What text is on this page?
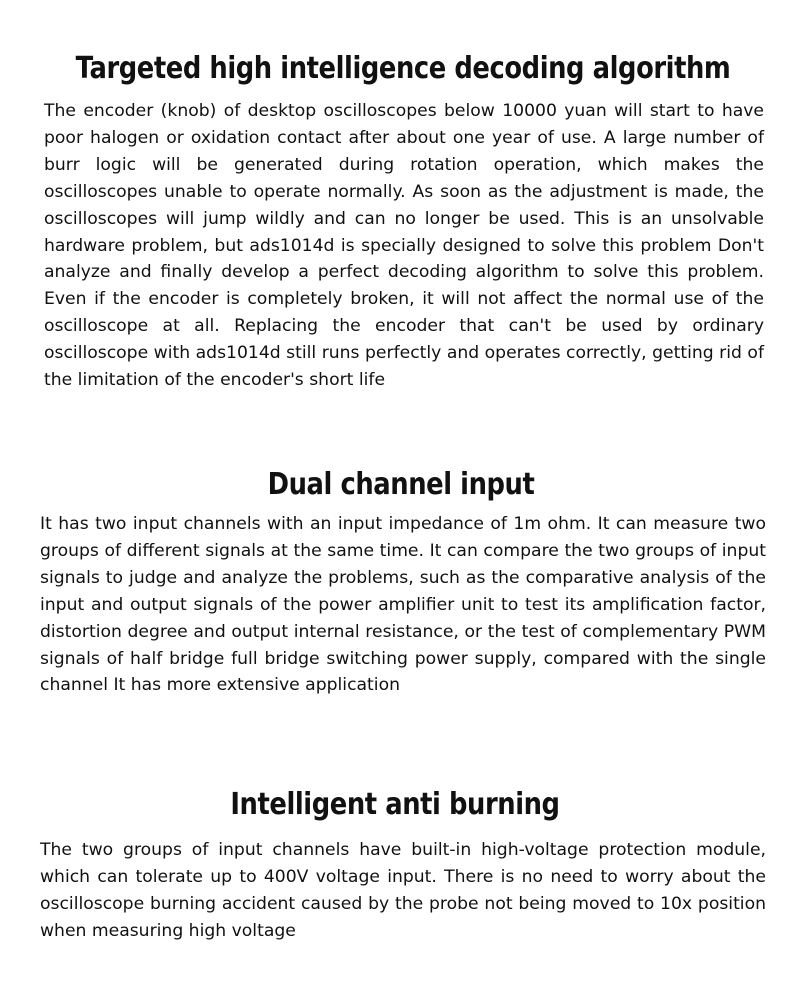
Targeted high intelligence decoding algorithm

The encoder (knob) of desktop oscilloscopes below 10000 yuan will start to have poor halogen or oxidation contact after about one year of use. A large number of burr logic will be generated during rotation operation, which makes the oscilloscopes unable to operate normally. As soon as the adjustment is made, the oscilloscopes will jump wildly and can no longer be used. This is an unsolvable hardware problem, but ads1014d is specially designed to solve this problem Don't analyze and finally develop a perfect decoding algorithm to solve this problem. Even if the encoder is completely broken, it will not affect the normal use of the oscilloscope at all. Replacing the encoder that can't be used by ordinary oscilloscope with ads1014d still runs perfectly and operates correctly, getting rid of the limitation of the encoder's short life

Dual channel input

It has two input channels with an input impedance of 1m ohm. It can measure two groups of different signals at the same time. It can compare the two groups of input signals to judge and analyze the problems, such as the comparative analysis of the input and output signals of the power amplifier unit to test its amplification factor, distortion degree and output internal resistance, or the test of complementary PWM signals of half bridge full bridge switching power supply, compared with the single channel It has more extensive application

Intelligent anti burning

The two groups of input channels have built-in high-voltage protection module, which can tolerate up to 400V voltage input. There is no need to worry about the oscilloscope burning accident caused by the probe not being moved to 10x position when measuring high voltage
